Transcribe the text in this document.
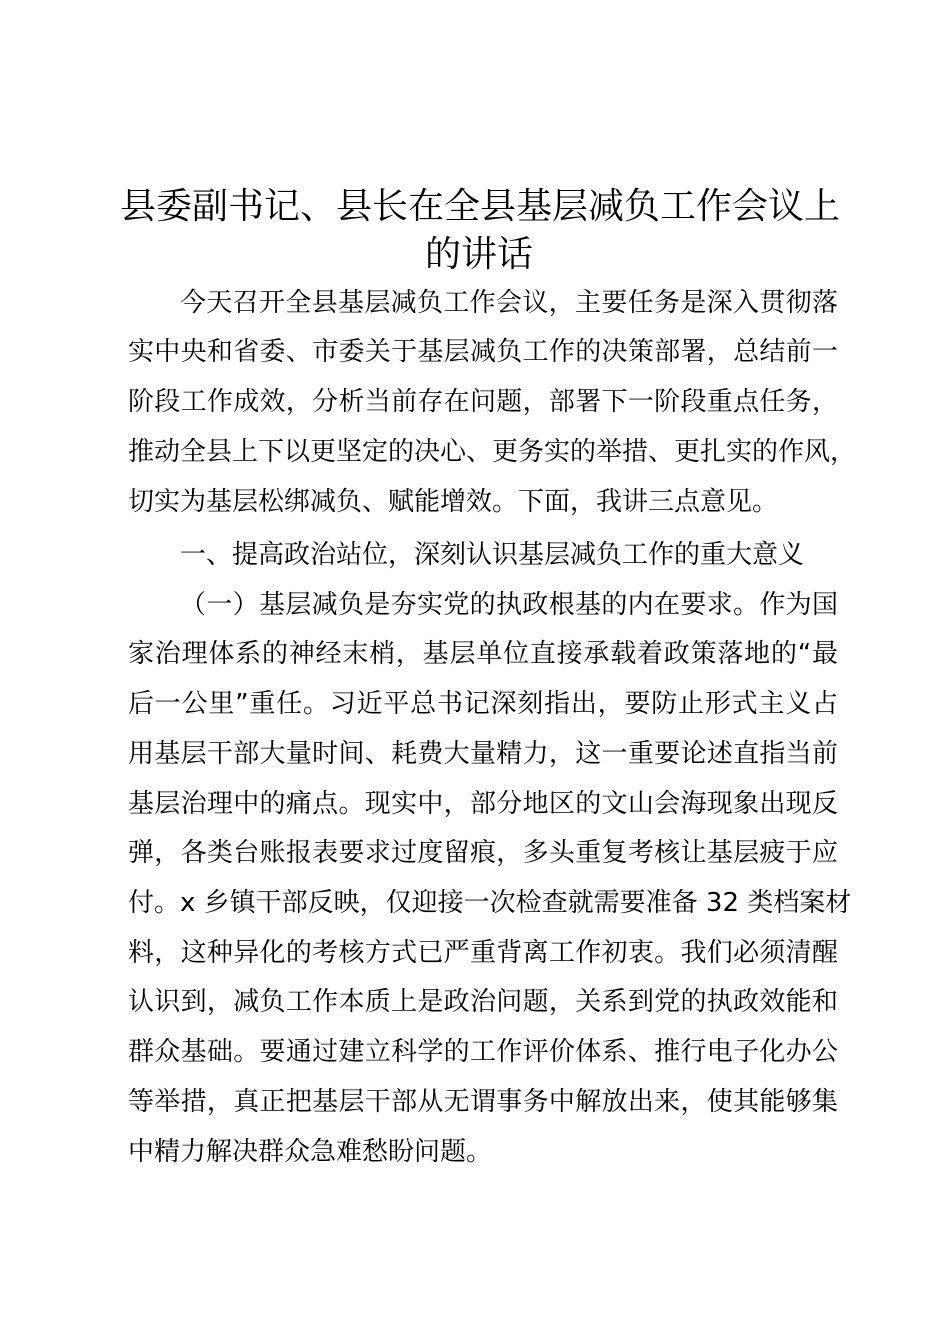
县委副书记、县长在全县基层减负工作会议上
的讲话

今天召开全县基层减负工作会议，主要任务是深入贯彻落

实中央和省委、市委关于基层减负工作的决策部署，总结前一

阶段工作成效，分析当前存在问题，部署下一阶段重点任务，

推动全县上下以更坚定的决心、更务实的举措、更扎实的作风，

切实为基层松绑减负、赋能增效。下面，我讲三点意见。

一、提高政治站位，深刻认识基层减负工作的重大意义

（一）基层减负是夯实党的执政根基的内在要求。作为国

家治理体系的神经末梢，基层单位直接承载着政策落地的“最

后一公里”重任。习近平总书记深刻指出，要防止形式主义占

用基层干部大量时间、耗费大量精力，这一重要论述直指当前

基层治理中的痛点。现实中，部分地区的文山会海现象出现反

弹，各类台账报表要求过度留痕，多头重复考核让基层疲于应

付。x 乡镇干部反映，仅迎接一次检查就需要准备 32 类档案材

料，这种异化的考核方式已严重背离工作初衷。我们必须清醒

认识到，减负工作本质上是政治问题，关系到党的执政效能和

群众基础。要通过建立科学的工作评价体系、推行电子化办公

等举措，真正把基层干部从无谓事务中解放出来，使其能够集

中精力解决群众急难愁盼问题。
